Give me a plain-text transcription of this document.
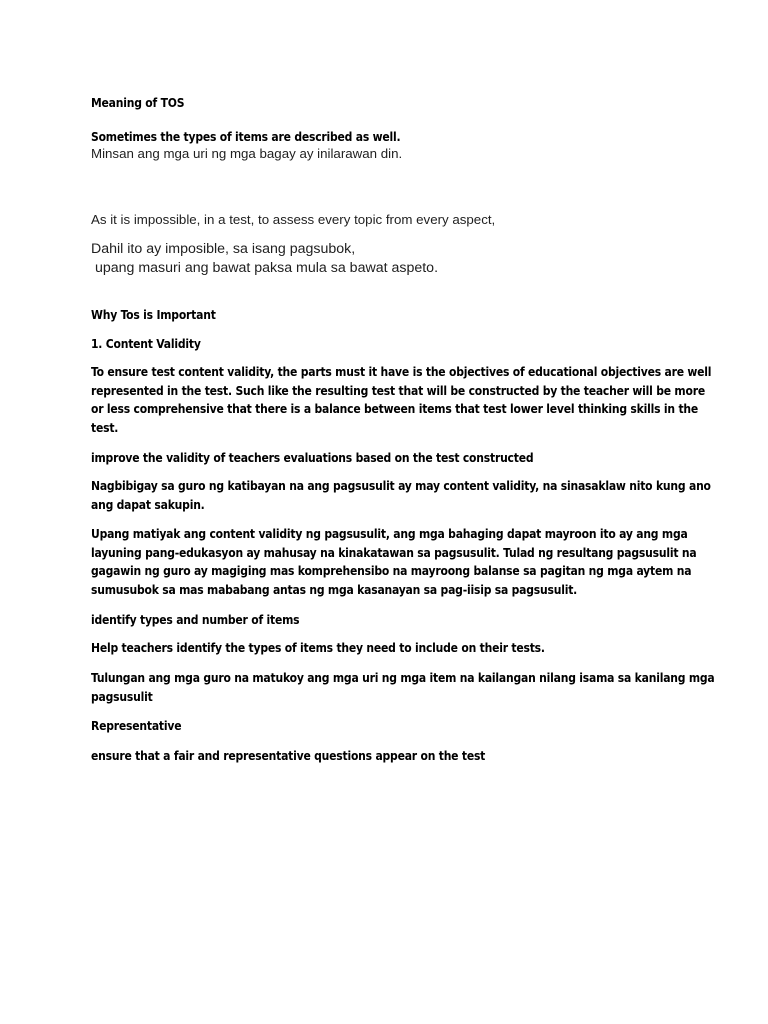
Meaning of TOS
Sometimes the types of items are described as well.
Minsan ang mga uri ng mga bagay ay inilarawan din.
As it is impossible, in a test, to assess every topic from every aspect,
Dahil ito ay imposible, sa isang pagsubok,
upang masuri ang bawat paksa mula sa bawat aspeto.
Why Tos is Important
1. Content Validity
To ensure test content validity, the parts must it have is the objectives of educational objectives are well
represented in the test. Such like the resulting test that will be constructed by the teacher will be more
or less comprehensive that there is a balance between items that test lower level thinking skills in the
test.
improve the validity of teachers evaluations based on the test constructed
Nagbibigay sa guro ng katibayan na ang pagsusulit ay may content validity, na sinasaklaw nito kung ano
ang dapat sakupin.
Upang matiyak ang content validity ng pagsusulit, ang mga bahaging dapat mayroon ito ay ang mga
layuning pang-edukasyon ay mahusay na kinakatawan sa pagsusulit. Tulad ng resultang pagsusulit na
gagawin ng guro ay magiging mas komprehensibo na mayroong balanse sa pagitan ng mga aytem na
sumusubok sa mas mababang antas ng mga kasanayan sa pag-iisip sa pagsusulit.
identify types and number of items
Help teachers identify the types of items they need to include on their tests.
Tulungan ang mga guro na matukoy ang mga uri ng mga item na kailangan nilang isama sa kanilang mga
pagsusulit
Representative
ensure that a fair and representative questions appear on the test
